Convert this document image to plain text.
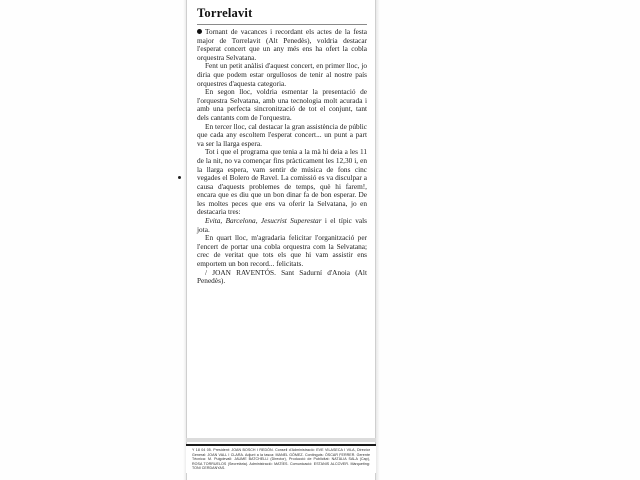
Torrelavit

Tornant de vacances i recordant els actes de la festa major de Torrelavit (Alt Penedès), voldria destacar l'esperat concert que un any més ens ha ofert la cobla orquestra Selvatana.

Fent un petit anàlisi d'aquest concert, en primer lloc, jo diria que podem estar orgullosos de tenir al nostre país orquestres d'aquesta categoria.

En segon lloc, voldria esmentar la presentació de l'orquestra Selvatana, amb una tecnologia molt acurada i amb una perfecta sincronització de tot el conjunt, tant dels cantants com de l'orquestra.

En tercer lloc, cal destacar la gran assistència de públic que cada any escoltem l'esperat concert... un punt a part va ser la llarga espera.

Tot i que el programa que tenia a la mà hi deia a les 11 de la nit, no va començar fins pràcticament les 12,30 i, en la llarga espera, vam sentir de música de fons cinc vegades el Bolero de Ravel. La comissió es va disculpar a causa d'aquests problemes de temps, què hi farem!, encara que es diu que un bon dinar fa de bon esperar. De les moltes peces que ens va oferir la Selvatana, jo en destacaria tres:

Evita, Barcelona, Jesucrist Superestar i el típic vals jota.

En quart lloc, m'agradaria felicitar l'organització per l'encert de portar una cobla orquestra com la Selvatana; crec de veritat que tots els que hi vam assistir ens emportem un bon record... felicitats.

/ JOAN RAVENTÓS. Sant Sadurní d'Anoia (Alt Penedès).

Y 18 04 05. President: JOAN BOSCH I REDÓN. Consell d'Administració: EVE VILASECA I VILA, Director General: JOAN VALL I CLARA. Adjunt a la tasca: MANEL GÓMEZ. Continguts: ÒSCAR FERRER. Gerente Tècnica: M. Puigdevall: JAUME BATCHELLI (Director), Producció de Publicitat: NATÀLIA SALA (Cap), ROSA TORRUELOS (Secretària). Administració: MATÍES. Comunicació: ESTANIS ALCOVER. Màrqueting: TONI CERDANYAS.
